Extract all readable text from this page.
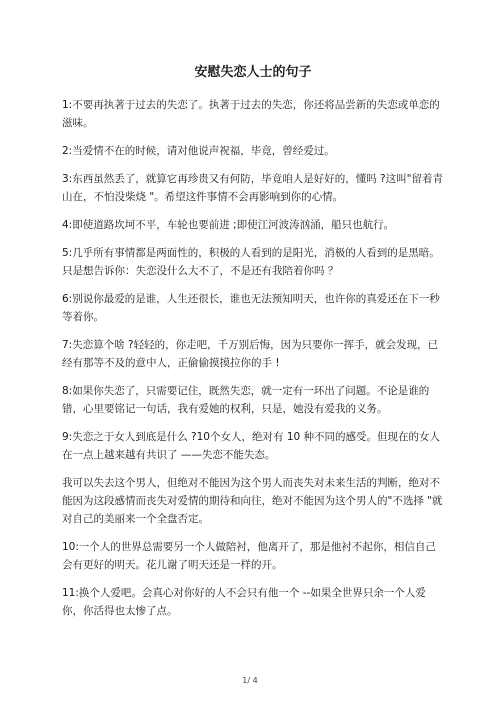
安慰失恋人士的句子

1:不要再执著于过去的失恋了。执著于过去的失恋，你还将品尝新的失恋或单恋的滋味。

2:当爱情不在的时候，请对他说声祝福，毕竟，曾经爱过。

3:东西虽然丢了，就算它再珍贵又有何防，毕竟咱人是好好的，懂吗 ?这叫"留着青山在，不怕没柴烧 "。希望这件事情不会再影响到你的心情。

4:即使道路坎坷不平，车轮也要前进 ;即使江河波涛汹涌，船只也航行。

5:几乎所有事情都是两面性的，积极的人看到的是阳光，消极的人看到的是黑暗。只是想告诉你：失恋没什么大不了，不是还有我陪着你吗 ？

6:别说你最爱的是谁，人生还很长，谁也无法预知明天，也许你的真爱还在下一秒等着你。

7:失恋算个啥 ?轻轻的，你走吧，千万别后悔，因为只要你一挥手，就会发现，已经有那等不及的意中人，正偷偷摸摸拉你的手 !

8:如果你失恋了，只需要记住，既然失恋，就一定有一环出了问题。不论是谁的错，心里要铭记一句话，我有爱她的权利，只是，她没有爱我的义务。

9:失恋之于女人到底是什么 ?10个女人，绝对有 10 种不同的感受。但现在的女人在一点上越来越有共识了 ——失恋不能失态。

我可以失去这个男人，但绝对不能因为这个男人而丧失对未来生活的判断，绝对不能因为这段感情而丧失对爱情的期待和向往，绝对不能因为这个男人的"不选择 "就对自己的美丽来一个全盘否定。

10:一个人的世界总需要另一个人做陪衬，他离开了，那是他衬不起你，相信自己会有更好的明天。花儿谢了明天还是一样的开。

11:换个人爱吧。会真心对你好的人不会只有他一个 --如果全世界只余一个人爱你，你活得也太惨了点。

1/ 4
